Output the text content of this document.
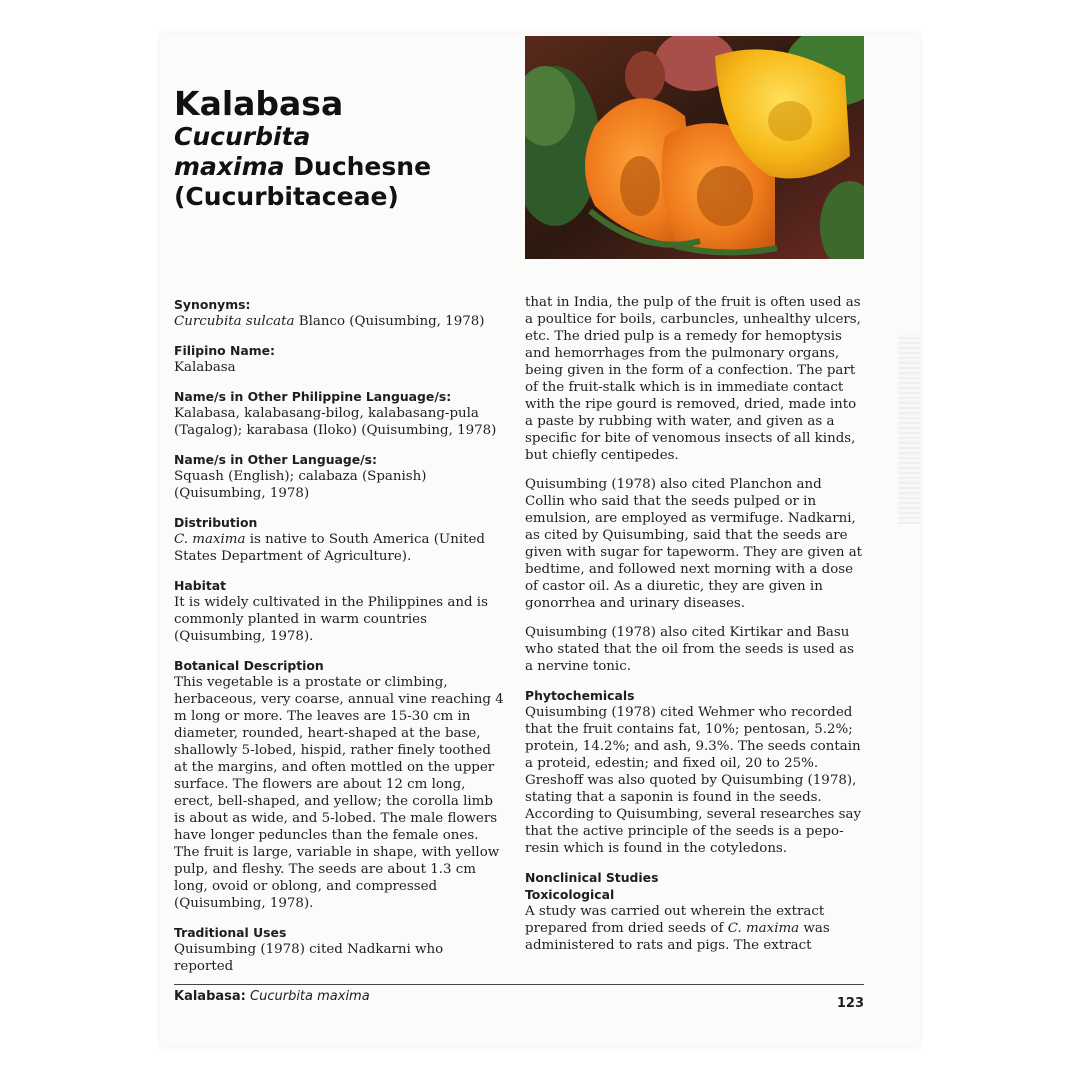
Kalabasa
Cucurbita
maxima Duchesne
(Cucurbitaceae)

Synonyms:

Curcubita sulcata Blanco (Quisumbing, 1978)

Filipino Name:

Kalabasa

Name/s in Other Philippine Language/s:

Kalabasa, kalabasang-bilog, kalabasang-pula (Tagalog); karabasa (Iloko) (Quisumbing, 1978)

Name/s in Other Language/s:

Squash (English); calabaza (Spanish) (Quisumbing, 1978)

Distribution

C. maxima is native to South America (United States Department of Agriculture).

Habitat

It is widely cultivated in the Philippines and is commonly planted in warm countries (Quisumbing, 1978).

Botanical Description

This vegetable is a prostate or climbing, herbaceous, very coarse, annual vine reaching 4 m long or more. The leaves are 15-30 cm in diameter, rounded, heart-shaped at the base, shallowly 5-lobed, hispid, rather finely toothed at the margins, and often mottled on the upper surface. The flowers are about 12 cm long, erect, bell-shaped, and yellow; the corolla limb is about as wide, and 5-lobed. The male flowers have longer peduncles than the female ones. The fruit is large, variable in shape, with yellow pulp, and fleshy. The seeds are about 1.3 cm long, ovoid or oblong, and compressed (Quisumbing, 1978).

Traditional Uses

Quisumbing (1978) cited Nadkarni who reported

that in India, the pulp of the fruit is often used as a poultice for boils, carbuncles, unhealthy ulcers, etc. The dried pulp is a remedy for hemoptysis and hemorrhages from the pulmonary organs, being given in the form of a confection. The part of the fruit-stalk which is in immediate contact with the ripe gourd is removed, dried, made into a paste by rubbing with water, and given as a specific for bite of venomous insects of all kinds, but chiefly centipedes.

Quisumbing (1978) also cited Planchon and Collin who said that the seeds pulped or in emulsion, are employed as vermifuge. Nadkarni, as cited by Quisumbing, said that the seeds are given with sugar for tapeworm. They are given at bedtime, and followed next morning with a dose of castor oil. As a diuretic, they are given in gonorrhea and urinary diseases.

Quisumbing (1978) also cited Kirtikar and Basu who stated that the oil from the seeds is used as a nervine tonic.

Phytochemicals

Quisumbing (1978) cited Wehmer who recorded that the fruit contains fat, 10%; pentosan, 5.2%; protein, 14.2%; and ash, 9.3%. The seeds contain a proteid, edestin; and fixed oil, 20 to 25%. Greshoff was also quoted by Quisumbing (1978), stating that a saponin is found in the seeds. According to Quisumbing, several researches say that the active principle of the seeds is a pepo-resin which is found in the cotyledons.

Nonclinical Studies

Toxicological

A study was carried out wherein the extract prepared from dried seeds of C. maxima was administered to rats and pigs. The extract

Kalabasa: Cucurbita maxima	123
